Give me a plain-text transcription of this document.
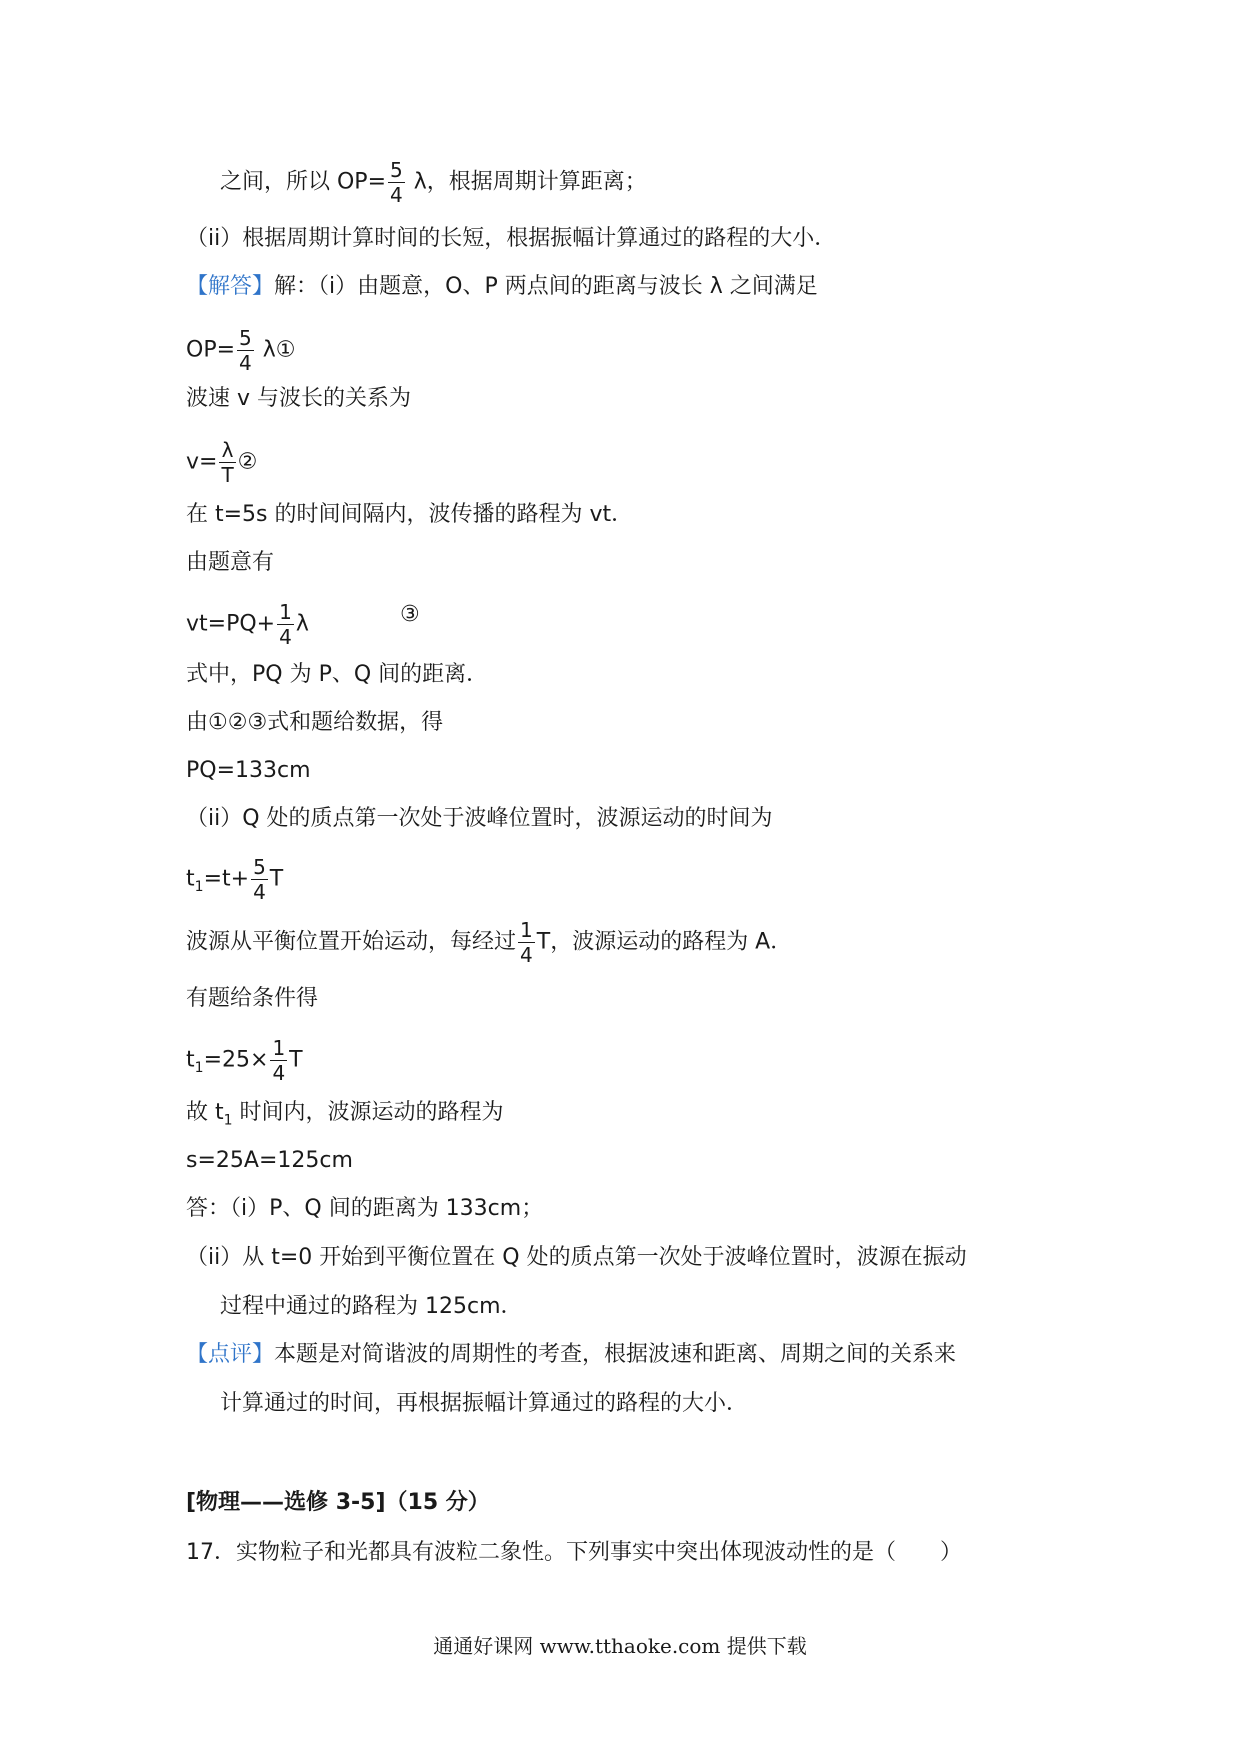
之间，所以 $OP= \frac{5}{4}$ λ，根据周期计算距离；
（ii）根据周期计算时间的长短，根据振幅计算通过的路程的大小．
【解答】解：（i）由题意，O、P 两点间的距离与波长 λ 之间满足
$OP= \frac{5}{4}$ λ①
波速 v 与波长的关系为
$v= \frac{\lambda}{T}$ ②
在 t=5s 的时间间隔内，波传播的路程为 vt．
由题意有
$vt=PQ+ \frac{1}{4}$ λ	③
式中，PQ 为 P、Q 间的距离．
由①②③式和题给数据，得
PQ=133cm
（ii）Q 处的质点第一次处于波峰位置时，波源运动的时间为
$t_1=t+ \frac{5}{4}$ T
波源从平衡位置开始运动，每经过 $\frac{1}{4}$ T，波源运动的路程为 A．
有题给条件得
$t_1=25\times \frac{1}{4}$ T
故 $t_1$ 时间内，波源运动的路程为
s=25A=125cm
答：（i）P、Q 间的距离为 133cm；
（ii）从 t=0 开始到平衡位置在 Q 处的质点第一次处于波峰位置时，波源在振动
过程中通过的路程为 125cm．
【点评】本题是对简谐波的周期性的考查，根据波速和距离、周期之间的关系来
计算通过的时间，再根据振幅计算通过的路程的大小．
[物理——选修 3-5]（15 分）
17．实物粒子和光都具有波粒二象性。下列事实中突出体现波动性的是（　　）
通通好课网 www.tthaoke.com 提供下载
